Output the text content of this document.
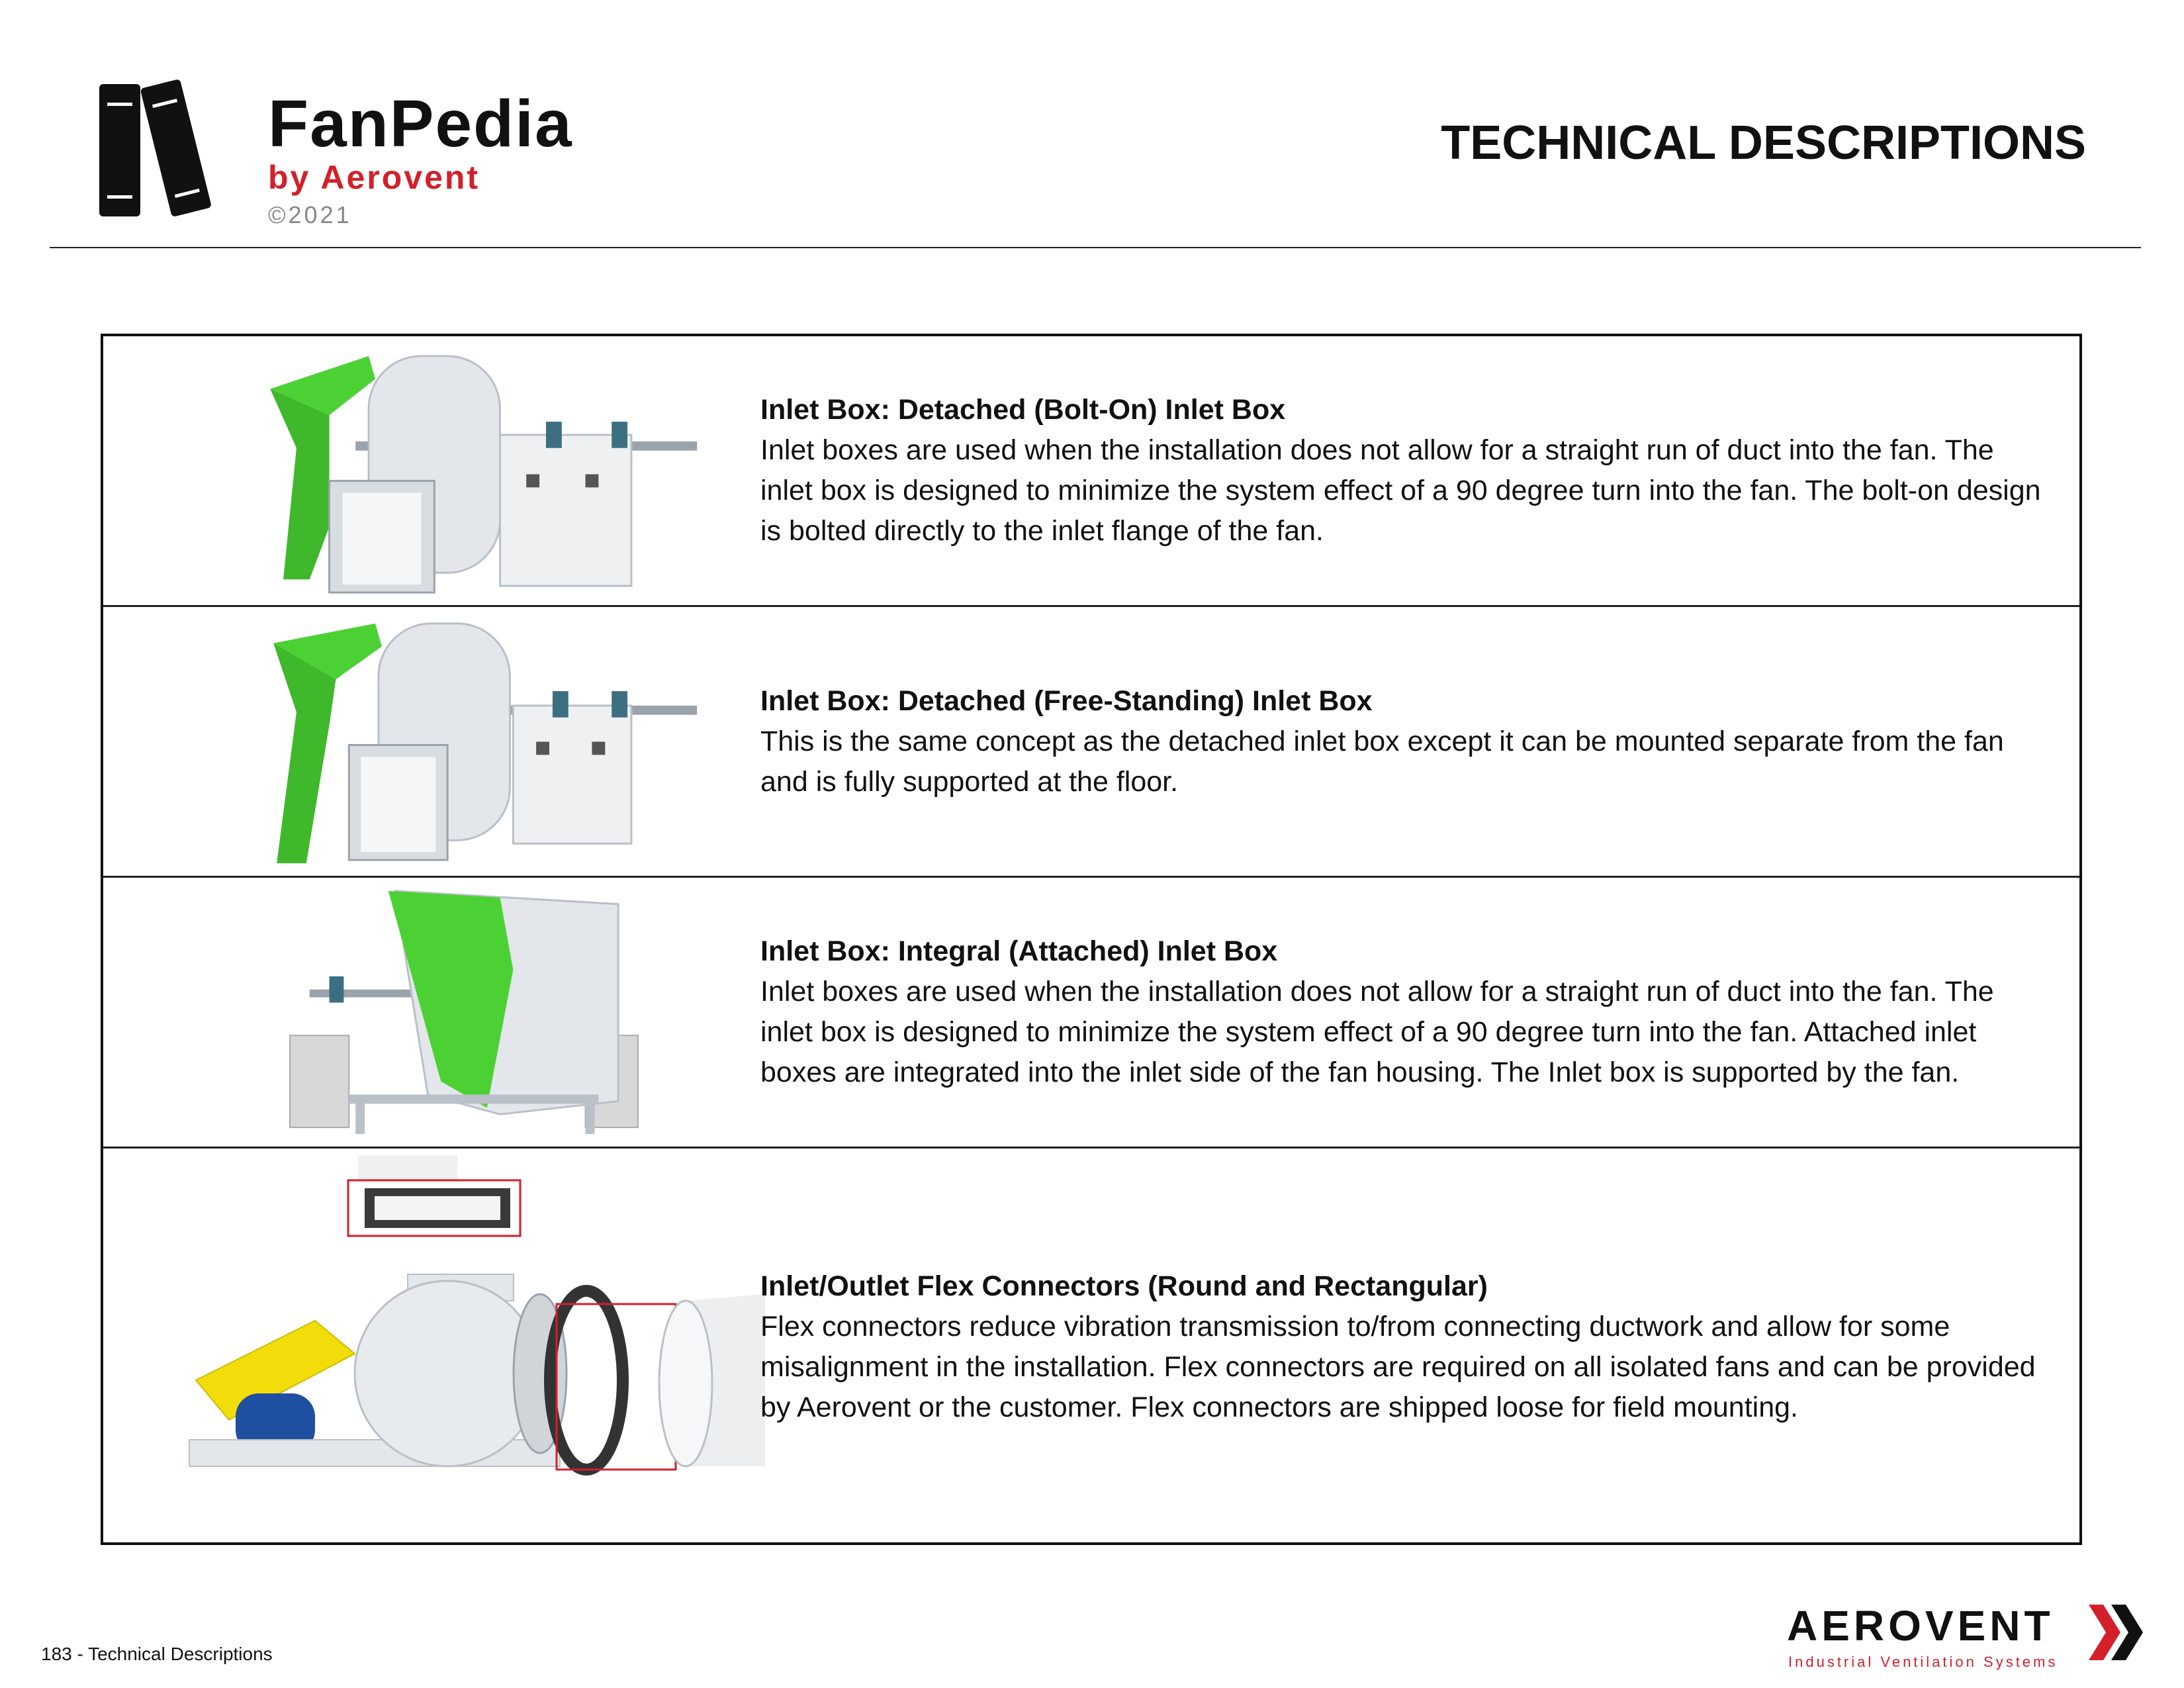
FanPedia
by Aerovent
©2021
TECHNICAL DESCRIPTIONS
Inlet Box: Detached (Bolt-On) Inlet Box

Inlet boxes are used when the installation does not allow for a straight run of duct into the fan. The inlet box is designed to minimize the system effect of a 90 degree turn into the fan. The bolt-on design is bolted directly to the inlet flange of the fan.

Inlet Box: Detached (Free-Standing) Inlet Box

This is the same concept as the detached inlet box except it can be mounted separate from the fan and is fully supported at the floor.

Inlet Box: Integral (Attached) Inlet Box

Inlet boxes are used when the installation does not allow for a straight run of duct into the fan. The inlet box is designed to minimize the system effect of a 90 degree turn into the fan. Attached inlet boxes are integrated into the inlet side of the fan housing. The Inlet box is supported by the fan.

Inlet/Outlet Flex Connectors (Round and Rectangular)

Flex connectors reduce vibration transmission to/from connecting ductwork and allow for some misalignment in the installation. Flex connectors are required on all isolated fans and can be provided by Aerovent or the customer. Flex connectors are shipped loose for field mounting.

183 - Technical Descriptions
AEROVENT
Industrial Ventilation Systems
